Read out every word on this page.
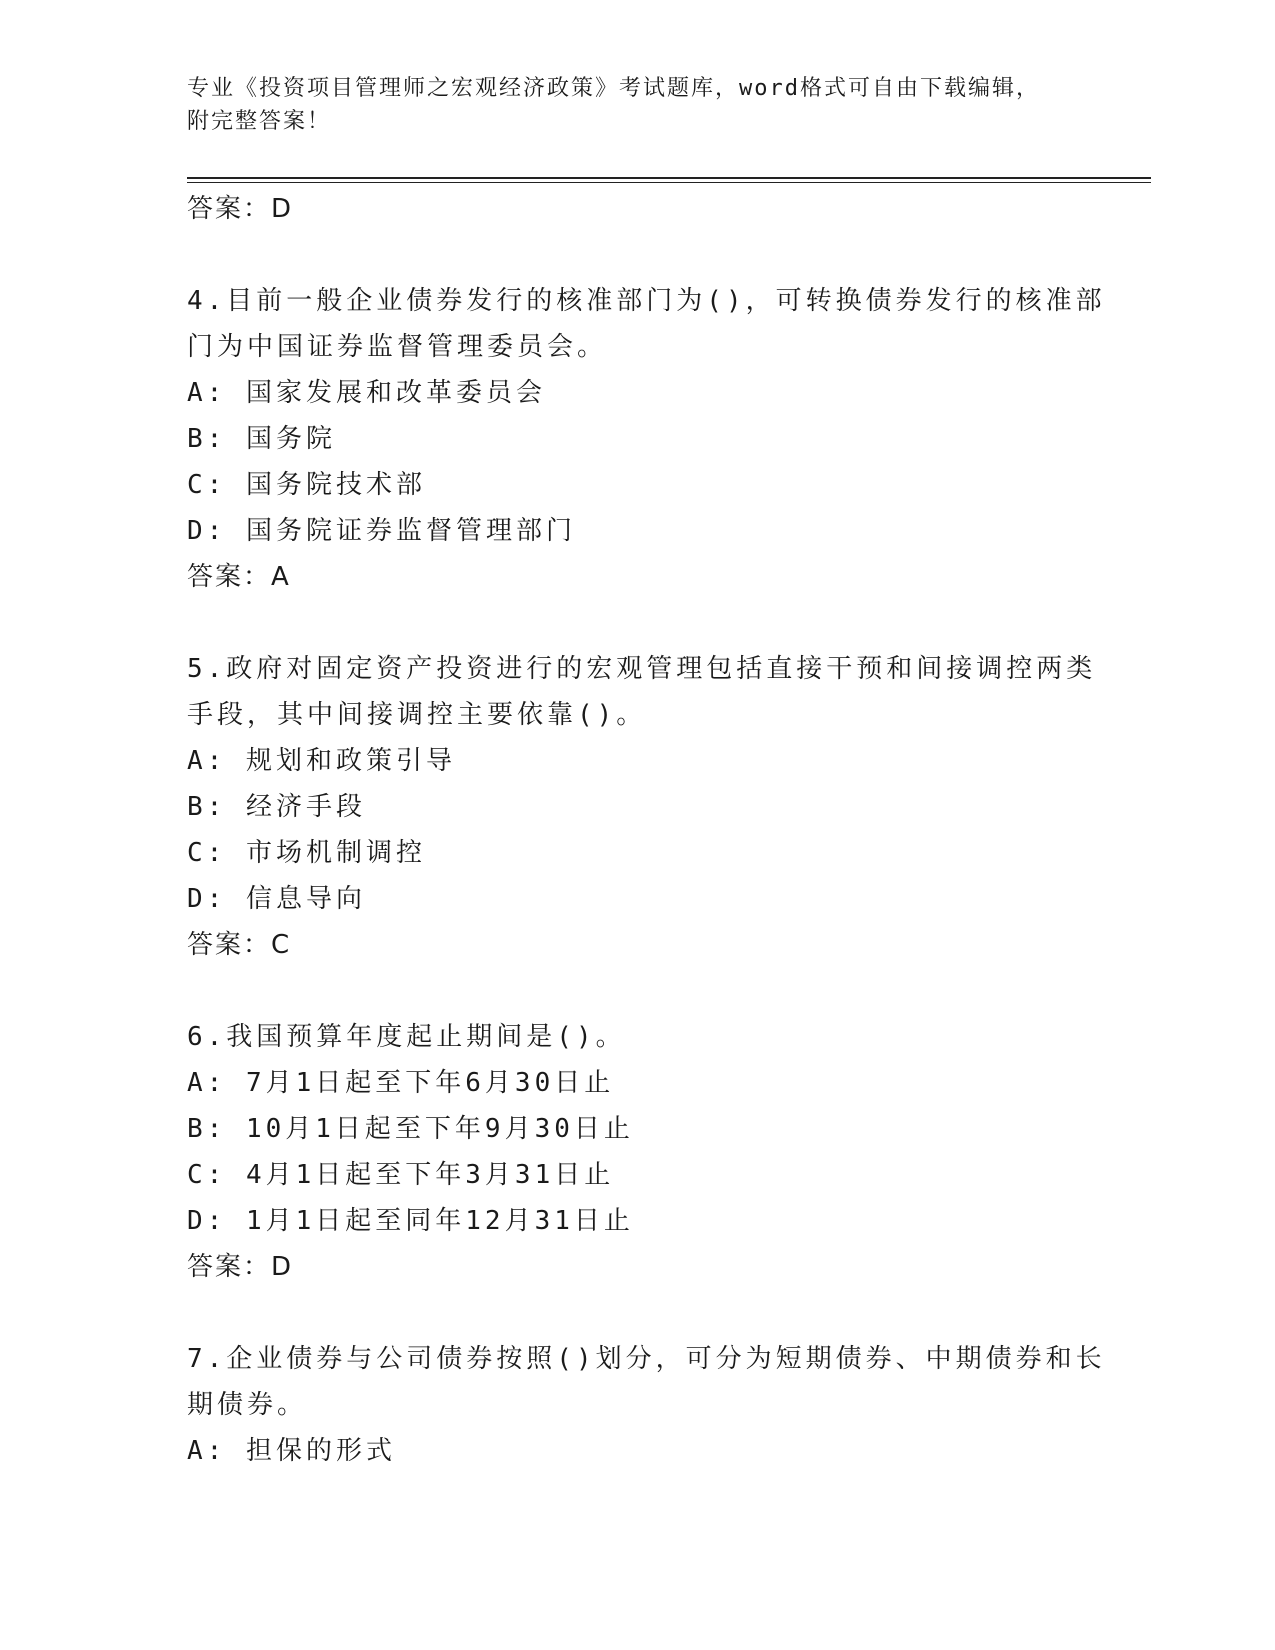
专业《投资项目管理师之宏观经济政策》考试题库，word格式可自由下载编辑，
附完整答案！
答案：D
4.目前一般企业债券发行的核准部门为()，可转换债券发行的核准部
门为中国证券监督管理委员会。
A: 国家发展和改革委员会
B: 国务院
C: 国务院技术部
D: 国务院证券监督管理部门
答案：A
5.政府对固定资产投资进行的宏观管理包括直接干预和间接调控两类
手段，其中间接调控主要依靠()。
A: 规划和政策引导
B: 经济手段
C: 市场机制调控
D: 信息导向
答案：C
6.我国预算年度起止期间是()。
A: 7月1日起至下年6月30日止
B: 10月1日起至下年9月30日止
C: 4月1日起至下年3月31日止
D: 1月1日起至同年12月31日止
答案：D
7.企业债券与公司债券按照()划分，可分为短期债券、中期债券和长
期债券。
A: 担保的形式
